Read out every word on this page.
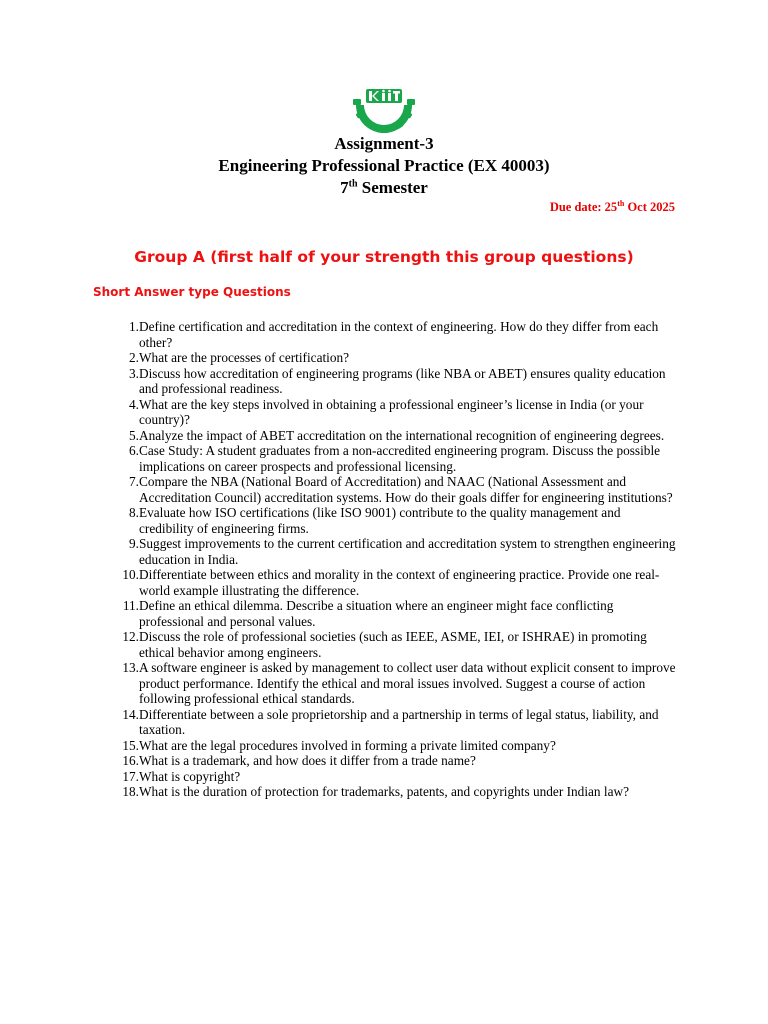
Assignment-3
Engineering Professional Practice (EX 40003)
7th Semester
Due date: 25th Oct 2025
Group A (first half of your strength this group questions)
Short Answer type Questions
1. Define certification and accreditation in the context of engineering. How do they differ from each other?
2. What are the processes of certification?
3. Discuss how accreditation of engineering programs (like NBA or ABET) ensures quality education and professional readiness.
4. What are the key steps involved in obtaining a professional engineer’s license in India (or your country)?
5. Analyze the impact of ABET accreditation on the international recognition of engineering degrees.
6. Case Study: A student graduates from a non-accredited engineering program. Discuss the possible implications on career prospects and professional licensing.
7. Compare the NBA (National Board of Accreditation) and NAAC (National Assessment and Accreditation Council) accreditation systems. How do their goals differ for engineering institutions?
8. Evaluate how ISO certifications (like ISO 9001) contribute to the quality management and credibility of engineering firms.
9. Suggest improvements to the current certification and accreditation system to strengthen engineering education in India.
10. Differentiate between ethics and morality in the context of engineering practice. Provide one real-world example illustrating the difference.
11. Define an ethical dilemma. Describe a situation where an engineer might face conflicting professional and personal values.
12. Discuss the role of professional societies (such as IEEE, ASME, IEI, or ISHRAE) in promoting ethical behavior among engineers.
13. A software engineer is asked by management to collect user data without explicit consent to improve product performance. Identify the ethical and moral issues involved. Suggest a course of action following professional ethical standards.
14. Differentiate between a sole proprietorship and a partnership in terms of legal status, liability, and taxation.
15. What are the legal procedures involved in forming a private limited company?
16. What is a trademark, and how does it differ from a trade name?
17. What is copyright?
18. What is the duration of protection for trademarks, patents, and copyrights under Indian law?
